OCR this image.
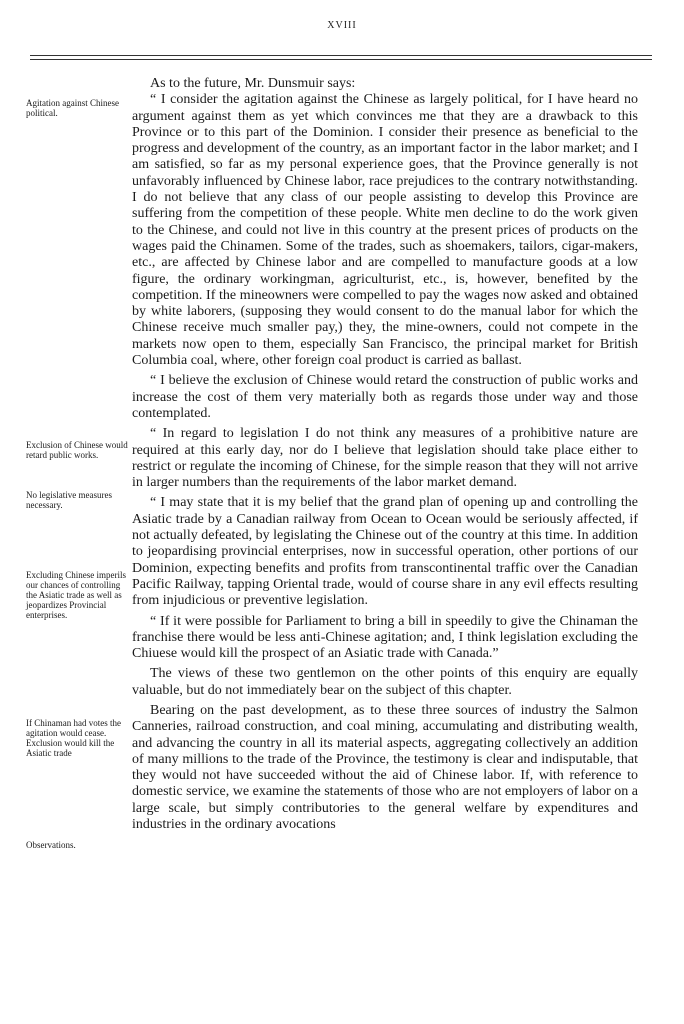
XVIII
Agitation against Chinese political.
Exclusion of Chinese would retard public works.
No legislative measures necessary.
Excluding Chinese imperils our chances of controlling the Asiatic trade as well as jeopardizes Provincial enterprises.
If Chinaman had votes the agitation would cease. Exclusion would kill the Asiatic trade
Observations.

As to the future, Mr. Dunsmuir says:

“ I consider the agitation against the Chinese as largely political, for I have heard no argument against them as yet which convinces me that they are a drawback to this Province or to this part of the Dominion. I consider their presence as beneficial to the progress and development of the country, as an important factor in the labor market; and I am satisfied, so far as my personal experience goes, that the Province generally is not unfavorably influenced by Chinese labor, race prejudices to the contrary notwithstanding. I do not believe that any class of our people assisting to develop this Province are suffering from the competition of these people. White men decline to do the work given to the Chinese, and could not live in this country at the present prices of products on the wages paid the Chinamen. Some of the trades, such as shoemakers, tailors, cigar-makers, etc., are affected by Chinese labor and are compelled to manufacture goods at a low figure, the ordinary workingman, agriculturist, etc., is, however, benefited by the competition. If the mineowners were compelled to pay the wages now asked and obtained by white laborers, (supposing they would consent to do the manual labor for which the Chinese receive much smaller pay,) they, the mine-owners, could not compete in the markets now open to them, especially San Francisco, the principal market for British Columbia coal, where, other foreign coal product is carried as ballast.

“ I believe the exclusion of Chinese would retard the construction of public works and increase the cost of them very materially both as regards those under way and those contemplated.

“ In regard to legislation I do not think any measures of a prohibitive nature are required at this early day, nor do I believe that legislation should take place either to restrict or regulate the incoming of Chinese, for the simple reason that they will not arrive in larger numbers than the requirements of the labor market demand.

“ I may state that it is my belief that the grand plan of opening up and controlling the Asiatic trade by a Canadian railway from Ocean to Ocean would be seriously affected, if not actually defeated, by legislating the Chinese out of the country at this time. In addition to jeopardising provincial enterprises, now in successful operation, other portions of our Dominion, expecting benefits and profits from transcontinental traffic over the Canadian Pacific Railway, tapping Oriental trade, would of course share in any evil effects resulting from injudicious or preventive legislation.

“ If it were possible for Parliament to bring a bill in speedily to give the Chinaman the franchise there would be less anti-Chinese agitation; and, I think legislation excluding the Chiuese would kill the prospect of an Asiatic trade with Canada.”

The views of these two gentlemon on the other points of this enquiry are equally valuable, but do not immediately bear on the subject of this chapter.

Bearing on the past development, as to these three sources of industry the Salmon Canneries, railroad construction, and coal mining, accumulating and distributing wealth, and advancing the country in all its material aspects, aggregating collectively an addition of many millions to the trade of the Province, the testimony is clear and indisputable, that they would not have succeeded without the aid of Chinese labor. If, with reference to domestic service, we examine the statements of those who are not employers of labor on a large scale, but simply contributories to the general welfare by expenditures and industries in the ordinary avocations
